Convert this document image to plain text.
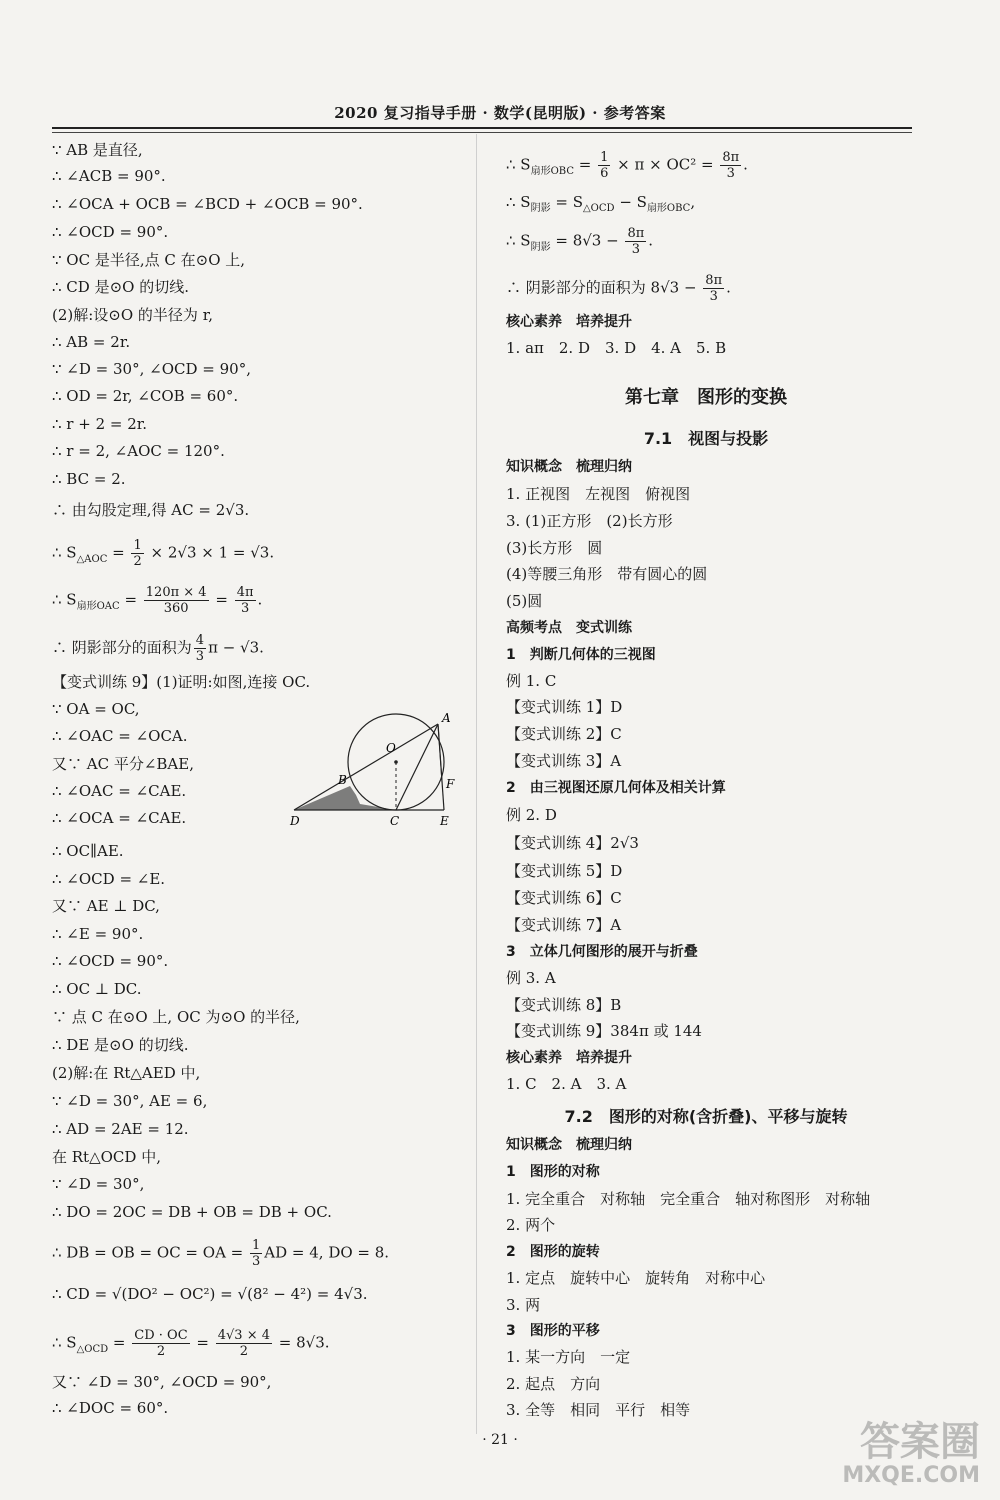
2020 复习指导手册 · 数学(昆明版) · 参考答案
∵ AB 是直径,
∴ ∠ACB = 90°.
∴ ∠OCA + OCB = ∠BCD + ∠OCB = 90°.
∴ ∠OCD = 90°.
∵ OC 是半径,点 C 在⊙O 上,
∴ CD 是⊙O 的切线.
(2)解:设⊙O 的半径为 r,
∴ AB = 2r.
∵ ∠D = 30°, ∠OCD = 90°,
∴ OD = 2r, ∠COB = 60°.
∴ r + 2 = 2r.
∴ r = 2, ∠AOC = 120°.
∴ BC = 2.
∴ 由勾股定理,得 AC = 2√3.
∴ $S_{\triangle AOC} = \frac{1}{2} \times 2√3 \times 1 = √3$.
∴ $S_{扇形OAC} = \frac{120\pi \times 4}{360} = \frac{4\pi}{3}$ .
∴ 阴影部分的面积为 $\frac{4}{3}$ π − √3.
【变式训练 9】(1)证明:如图,连接 OC.
∵ OA = OC,
∴ ∠OAC = ∠OCA.
又∵ AC 平分∠BAE,
∴ ∠OAC = ∠CAE.
∴ ∠OCA = ∠CAE.
∴ OC∥AE.
∴ ∠OCD = ∠E.
又∵ AE ⊥ DC,
∴ ∠E = 90°.
∴ ∠OCD = 90°.
∴ OC ⊥ DC.
∵ 点 C 在⊙O 上, OC 为⊙O 的半径,
∴ DE 是⊙O 的切线.
(2)解:在 Rt△AED 中,
∵ ∠D = 30°, AE = 6,
∴ AD = 2AE = 12.
在 Rt△OCD 中,
∵ ∠D = 30°,
∴ DO = 2OC = DB + OB = DB + OC.
∴ DB = OB = OC = OA = $\frac{1}{3}$ AD = 4, DO = 8.
∴ CD = √(DO² − OC²) = √(8² − 4²) = 4√3.
∴ $S_{\triangle OCD} = \frac{CD \cdot OC}{2} = \frac{4√3 \times 4}{2} = 8√3$.
又∵ ∠D = 30°, ∠OCD = 90°,
∴ ∠DOC = 60°.
D
B
C	E
F
A
O
∴ $S_{扇形OBC} = \frac{1}{6} \times \pi \times OC^2 = \frac{8\pi}{3}$ .
∴ $S_{阴影} = S_{\triangle OCD} - S_{扇形OBC}$,
∴ $S_{阴影} = 8√3 - \frac{8\pi}{3}$ .
∴ 阴影部分的面积为 $8√3 - \frac{8\pi}{3}$ .
核心素养　培养提升
1. aπ　2. D　3. D　4. A　5. B
第七章　图形的变换
7.1　视图与投影
知识概念　梳理归纳
1. 正视图　左视图　俯视图
3. (1)正方形　(2)长方形
(3)长方形　圆
(4)等腰三角形　带有圆心的圆
(5)圆
高频考点　变式训练
1　判断几何体的三视图
例 1. C
【变式训练 1】D
【变式训练 2】C
【变式训练 3】A
2　由三视图还原几何体及相关计算
例 2. D
【变式训练 4】2√3
【变式训练 5】D
【变式训练 6】C
【变式训练 7】A
3　立体几何图形的展开与折叠
例 3. A
【变式训练 8】B
【变式训练 9】384π 或 144
核心素养　培养提升
1. C　2. A　3. A
7.2　图形的对称(含折叠)、平移与旋转
知识概念　梳理归纳
1　图形的对称
1. 完全重合　对称轴　完全重合　轴对称图形　对称轴
2. 两个
2　图形的旋转
1. 定点　旋转中心　旋转角　对称中心
3. 两
3　图形的平移
1. 某一方向　一定
2. 起点　方向
3. 全等　相同　平行　相等
· 21 ·	答案圈
MXQE.COM
